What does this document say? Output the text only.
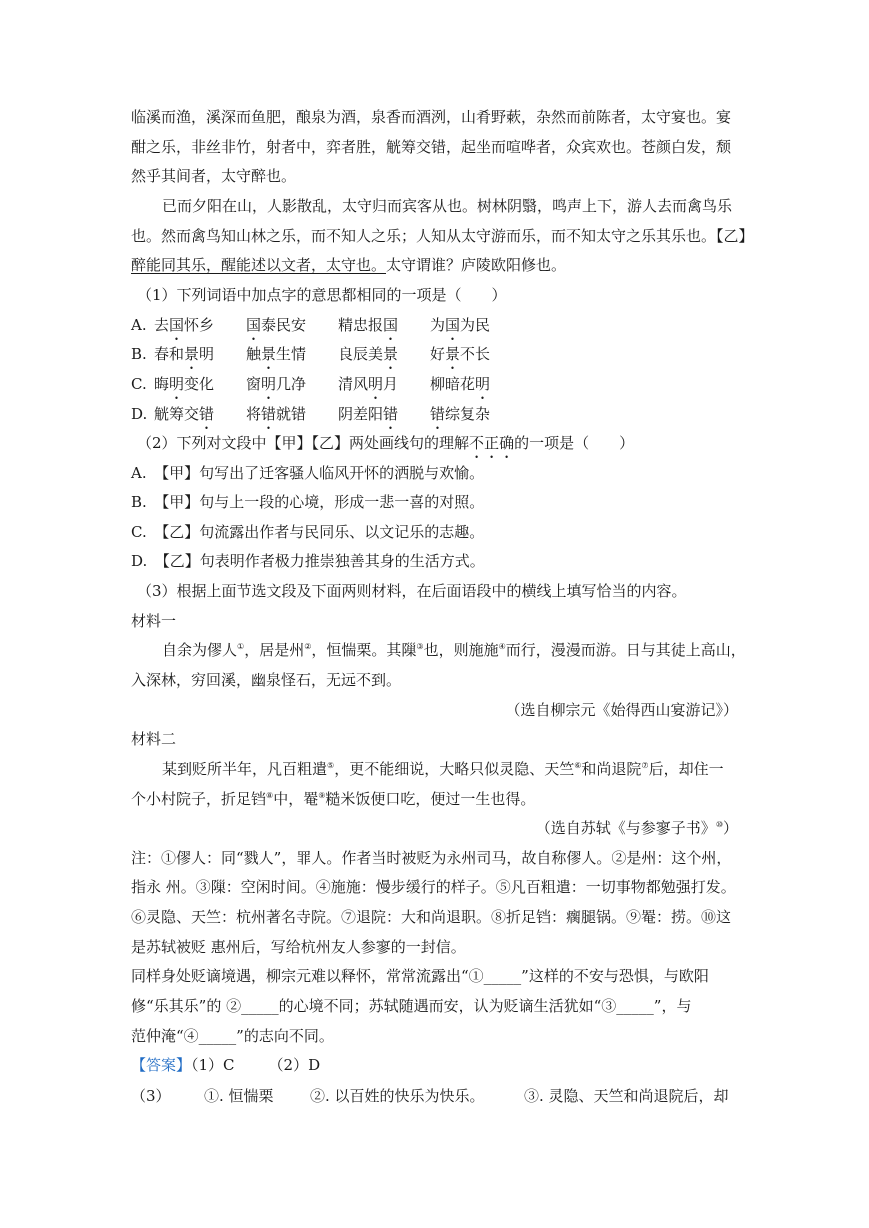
临溪而渔，溪深而鱼肥，酿泉为酒，泉香而酒洌，山肴野蔌，杂然而前陈者，太守宴也。宴
酣之乐，非丝非竹，射者中，弈者胜，觥筹交错，起坐而喧哗者，众宾欢也。苍颜白发，颓
然乎其间者，太守醉也。
已而夕阳在山，人影散乱，太守归而宾客从也。树林阴翳，鸣声上下，游人去而禽鸟乐
也。然而禽鸟知山林之乐，而不知人之乐；人知从太守游而乐，而不知太守之乐其乐也。【乙】
醉能同其乐，醒能述以文者，太守也。太守谓谁？庐陵欧阳修也。
（1）下列词语中加点字的意思都相同的一项是（　　）
A. 去国怀乡 国泰民安 精忠报国 为国为民
B. 春和景明 触景生情 良辰美景 好景不长
C. 晦明变化 窗明几净 清风明月 柳暗花明
D. 觥筹交错 将错就错 阴差阳错 错综复杂
（2）下列对文段中【甲】【乙】两处画线句的理解不正确的一项是（　　）
A.　【甲】句写出了迁客骚人临风开怀的洒脱与欢愉。
B.　【甲】句与上一段的心境，形成一悲一喜的对照。
C.　【乙】句流露出作者与民同乐、以文记乐的志趣。
D.　【乙】句表明作者极力推崇独善其身的生活方式。
（3）根据上面节选文段及下面两则材料，在后面语段中的横线上填写恰当的内容。
材料一
自余为僇人①，居是州②，恒惴栗。其隟③也，则施施④而行，漫漫而游。日与其徒上高山，
入深林，穷回溪，幽泉怪石，无远不到。
（选自柳宗元《始得西山宴游记》）
材料二
某到贬所半年，凡百粗遣⑤，更不能细说，大略只似灵隐、天竺⑥和尚退院⑦后，却住一
个小村院子，折足铛⑧中，罨⑨糙米饭便口吃，便过一生也得。
（选自苏轼《与参寥子书》⑩）
注：①僇人：同“戮人”，罪人。作者当时被贬为永州司马，故自称僇人。②是州：这个州，
指永 州。③隟：空闲时间。④施施：慢步缓行的样子。⑤凡百粗遣：一切事物都勉强打发。
⑥灵隐、天竺：杭州著名寺院。⑦退院：大和尚退职。⑧折足铛：瘸腿锅。⑨罨：捞。⑩这
是苏轼被贬 惠州后，写给杭州友人参寥的一封信。
同样身处贬谪境遇，柳宗元难以释怀，常常流露出“①_____”这样的不安与恐惧，与欧阳
修“乐其乐”的 ②_____的心境不同；苏轼随遇而安，认为贬谪生活犹如“③_____”，与
范仲淹“④_____”的志向不同。
【答案】（1）C （2）D
（3） ①. 恒惴栗 ②. 以百姓的快乐为快乐。	③. 灵隐、天竺和尚退院后，却
